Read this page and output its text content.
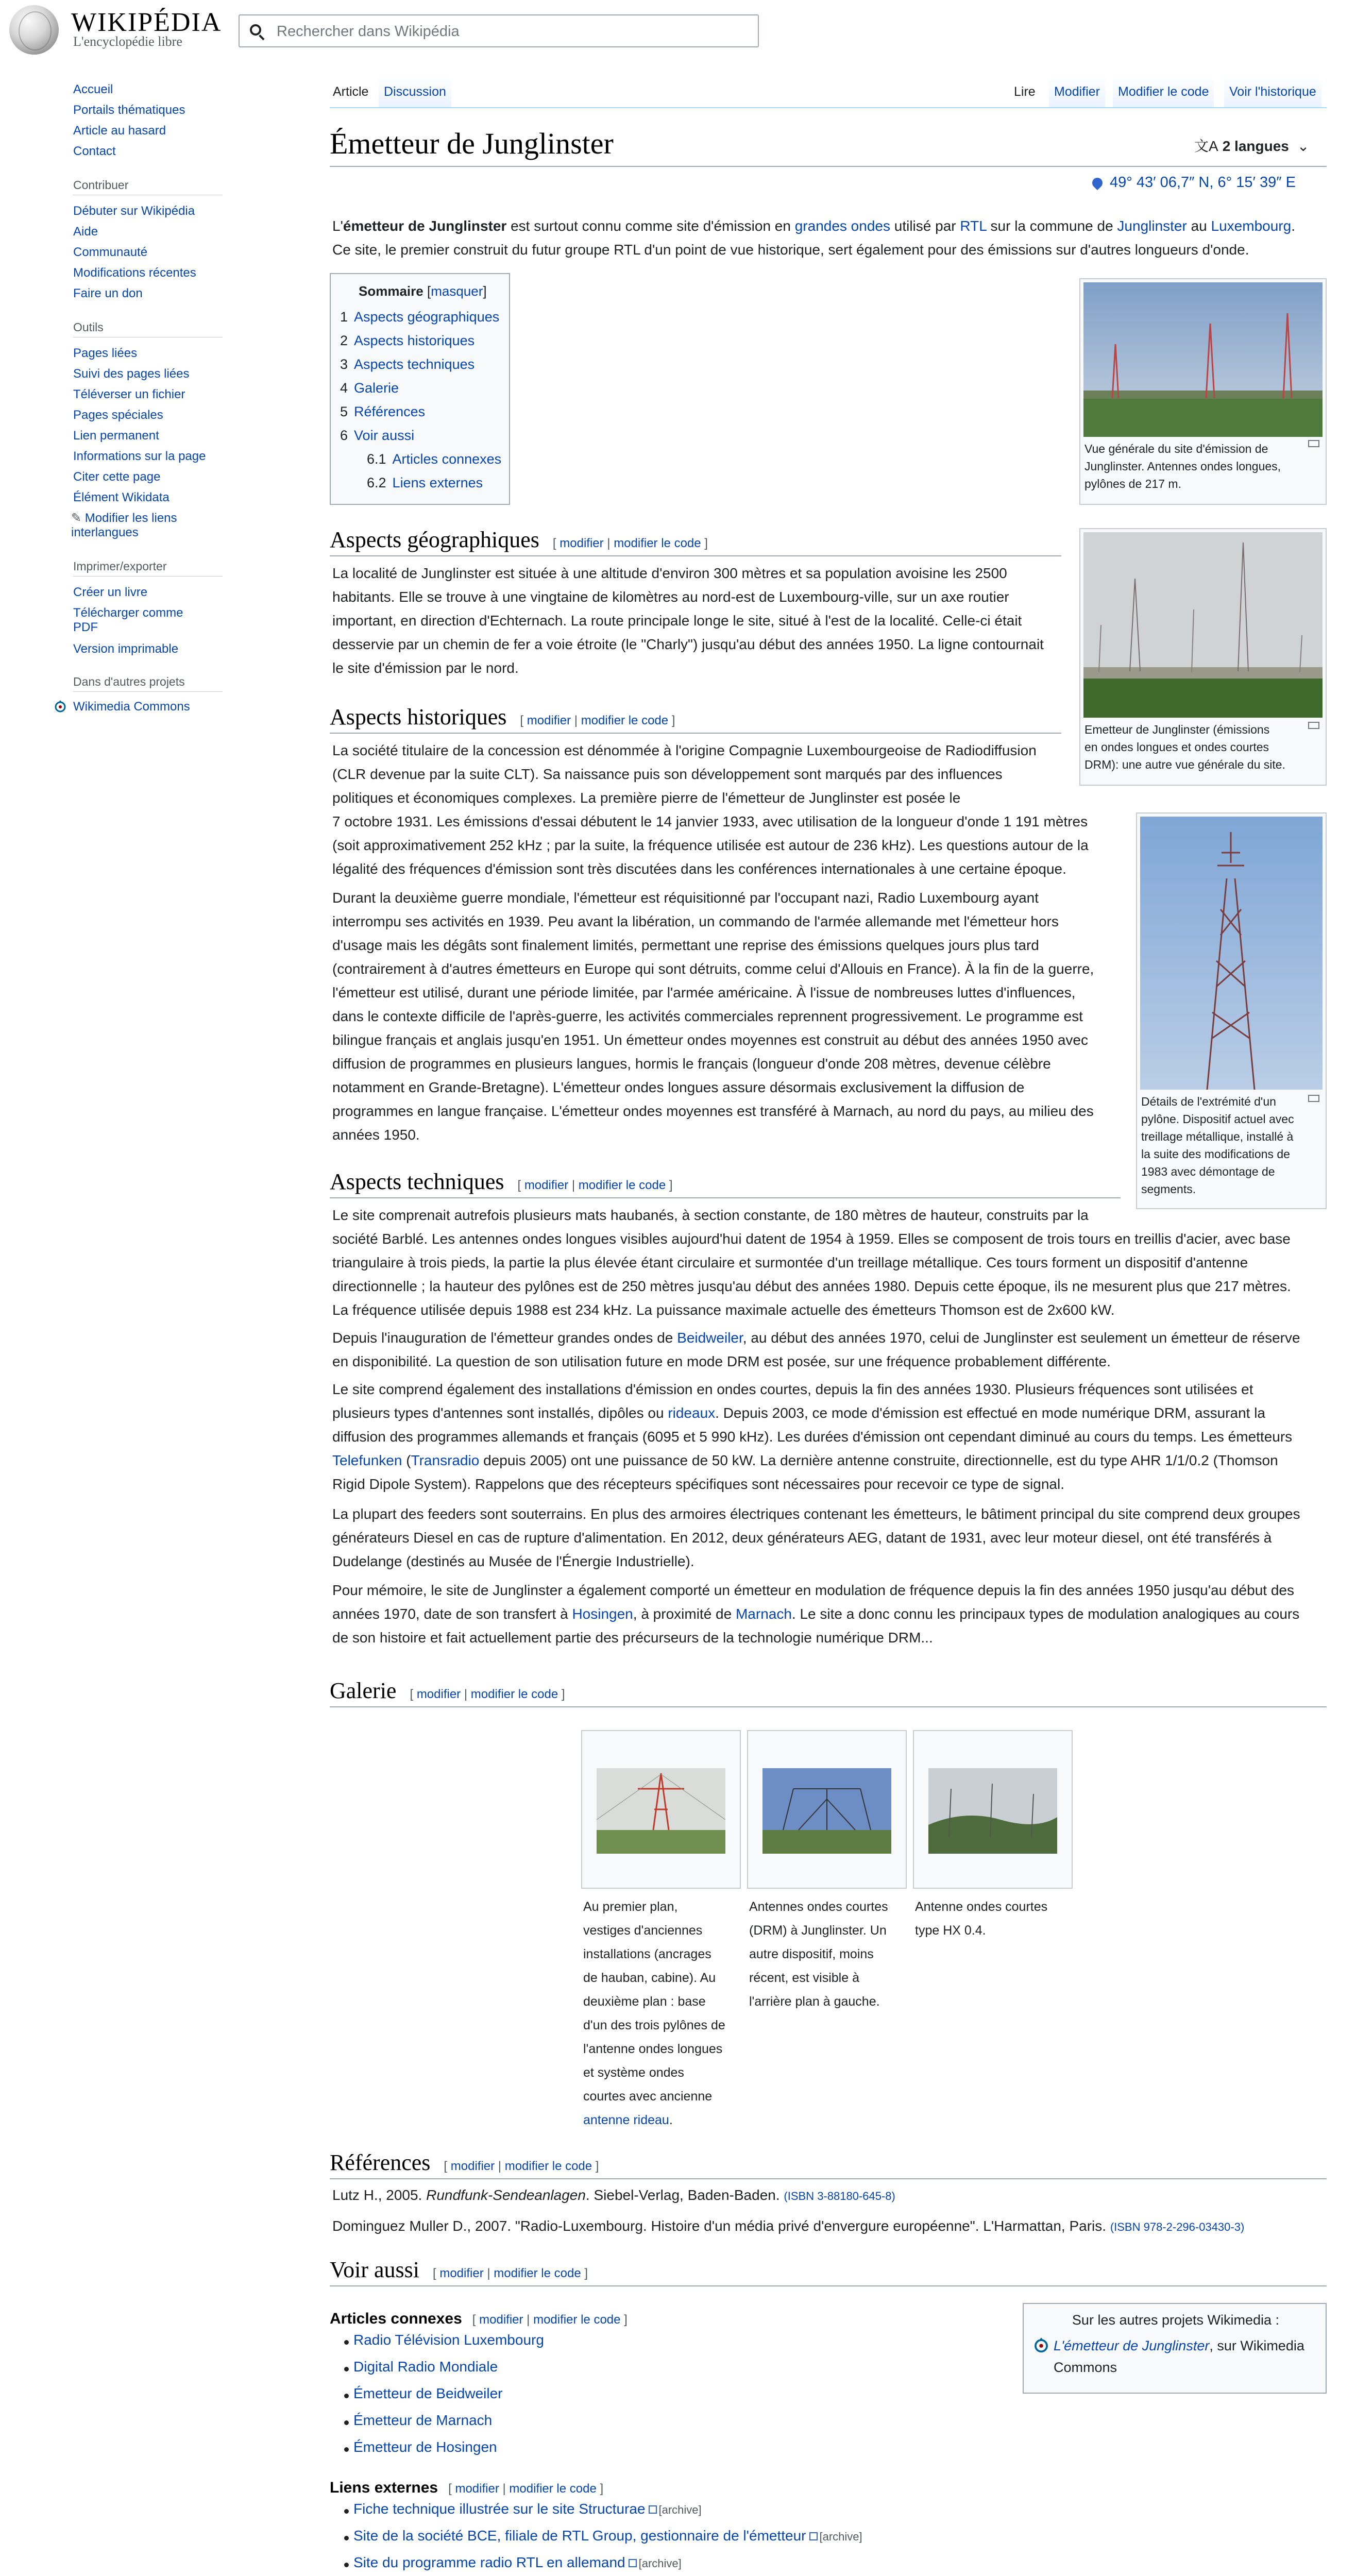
WIKIPÉDIA
L'encyclopédie libre
Rechercher dans Wikipédia
Accueil
Portails thématiques
Article au hasard
Contact
Contribuer
Débuter sur Wikipédia
Aide
Communauté
Modifications récentes
Faire un don
Outils
Pages liées
Suivi des pages liées
Téléverser un fichier
Pages spéciales
Lien permanent
Informations sur la page
Citer cette page
Élément Wikidata
✎ Modifier les liens interlangues
Imprimer/exporter
Créer un livre
Télécharger comme PDF
Version imprimable
Dans d'autres projets
Wikimedia Commons
Article	Discussion	Lire	Modifier	Modifier le code	Voir l'historique
Émetteur de Junglinster	文A 2 langues ⌄
49° 43′ 06,7″ N, 6° 15′ 39″ E
L'émetteur de Junglinster est surtout connu comme site d'émission en grandes ondes utilisé par RTL sur la commune de Junglinster au Luxembourg.
Ce site, le premier construit du futur groupe RTL d'un point de vue historique, sert également pour des émissions sur d'autres longueurs d'onde.
Sommaire [masquer]
1 Aspects géographiques
2 Aspects historiques
3 Aspects techniques
4 Galerie
5 Références
6 Voir aussi
6.1 Articles connexes
6.2 Liens externes
Vue générale du site d'émission de
Junglinster. Antennes ondes longues,
pylônes de 217 m.
Emetteur de Junglinster (émissions
en ondes longues et ondes courtes
DRM): une autre vue générale du site.
Détails de l'extrémité d'un
pylône. Dispositif actuel avec
treillage métallique, installé à
la suite des modifications de
1983 avec démontage de
segments.
Aspects géographiques [ modifier | modifier le code ]
La localité de Junglinster est située à une altitude d'environ 300 mètres et sa population avoisine les 2500
habitants. Elle se trouve à une vingtaine de kilomètres au nord-est de Luxembourg-ville, sur un axe routier
important, en direction d'Echternach. La route principale longe le site, situé à l'est de la localité. Celle-ci était
desservie par un chemin de fer a voie étroite (le "Charly") jusqu'au début des années 1950. La ligne contournait
le site d'émission par le nord.
Aspects historiques [ modifier | modifier le code ]
La société titulaire de la concession est dénommée à l'origine Compagnie Luxembourgeoise de Radiodiffusion
(CLR devenue par la suite CLT). Sa naissance puis son développement sont marqués par des influences
politiques et économiques complexes. La première pierre de l'émetteur de Junglinster est posée le
7 octobre 1931. Les émissions d'essai débutent le 14 janvier 1933, avec utilisation de la longueur d'onde 1 191 mètres
(soit approximativement 252 kHz ; par la suite, la fréquence utilisée est autour de 236 kHz). Les questions autour de la
légalité des fréquences d'émission sont très discutées dans les conférences internationales à une certaine époque.
Durant la deuxième guerre mondiale, l'émetteur est réquisitionné par l'occupant nazi, Radio Luxembourg ayant
interrompu ses activités en 1939. Peu avant la libération, un commando de l'armée allemande met l'émetteur hors
d'usage mais les dégâts sont finalement limités, permettant une reprise des émissions quelques jours plus tard
(contrairement à d'autres émetteurs en Europe qui sont détruits, comme celui d'Allouis en France). À la fin de la guerre,
l'émetteur est utilisé, durant une période limitée, par l'armée américaine. À l'issue de nombreuses luttes d'influences,
dans le contexte difficile de l'après-guerre, les activités commerciales reprennent progressivement. Le programme est
bilingue français et anglais jusqu'en 1951. Un émetteur ondes moyennes est construit au début des années 1950 avec
diffusion de programmes en plusieurs langues, hormis le français (longueur d'onde 208 mètres, devenue célèbre
notamment en Grande-Bretagne). L'émetteur ondes longues assure désormais exclusivement la diffusion de
programmes en langue française. L'émetteur ondes moyennes est transféré à Marnach, au nord du pays, au milieu des
années 1950.
Aspects techniques [ modifier | modifier le code ]
Le site comprenait autrefois plusieurs mats haubanés, à section constante, de 180 mètres de hauteur, construits par la
société Barblé. Les antennes ondes longues visibles aujourd'hui datent de 1954 à 1959. Elles se composent de trois tours en treillis d'acier, avec base
triangulaire à trois pieds, la partie la plus élevée étant circulaire et surmontée d'un treillage métallique. Ces tours forment un dispositif d'antenne
directionnelle ; la hauteur des pylônes est de 250 mètres jusqu'au début des années 1980. Depuis cette époque, ils ne mesurent plus que 217 mètres.
La fréquence utilisée depuis 1988 est 234 kHz. La puissance maximale actuelle des émetteurs Thomson est de 2x600 kW.
Depuis l'inauguration de l'émetteur grandes ondes de Beidweiler, au début des années 1970, celui de Junglinster est seulement un émetteur de réserve
en disponibilité. La question de son utilisation future en mode DRM est posée, sur une fréquence probablement différente.
Le site comprend également des installations d'émission en ondes courtes, depuis la fin des années 1930. Plusieurs fréquences sont utilisées et
plusieurs types d'antennes sont installés, dipôles ou rideaux. Depuis 2003, ce mode d'émission est effectué en mode numérique DRM, assurant la
diffusion des programmes allemands et français (6095 et 5 990 kHz). Les durées d'émission ont cependant diminué au cours du temps. Les émetteurs
Telefunken (Transradio depuis 2005) ont une puissance de 50 kW. La dernière antenne construite, directionnelle, est du type AHR 1/1/0.2 (Thomson
Rigid Dipole System). Rappelons que des récepteurs spécifiques sont nécessaires pour recevoir ce type de signal.
La plupart des feeders sont souterrains. En plus des armoires électriques contenant les émetteurs, le bâtiment principal du site comprend deux groupes
générateurs Diesel en cas de rupture d'alimentation. En 2012, deux générateurs AEG, datant de 1931, avec leur moteur diesel, ont été transférés à
Dudelange (destinés au Musée de l'Énergie Industrielle).
Pour mémoire, le site de Junglinster a également comporté un émetteur en modulation de fréquence depuis la fin des années 1950 jusqu'au début des
années 1970, date de son transfert à Hosingen, à proximité de Marnach. Le site a donc connu les principaux types de modulation analogiques au cours
de son histoire et fait actuellement partie des précurseurs de la technologie numérique DRM...
Galerie [ modifier | modifier le code ]
Au premier plan,
vestiges d'anciennes
installations (ancrages
de hauban, cabine). Au
deuxième plan : base
d'un des trois pylônes de
l'antenne ondes longues
et système ondes
courtes avec ancienne
antenne rideau.
Antennes ondes courtes
(DRM) à Junglinster. Un
autre dispositif, moins
récent, est visible à
l'arrière plan à gauche.
Antenne ondes courtes
type HX 0.4.
Références [ modifier | modifier le code ]
Lutz H., 2005. Rundfunk-Sendeanlagen. Siebel-Verlag, Baden-Baden. (ISBN 3-88180-645-8)
Dominguez Muller D., 2007. "Radio-Luxembourg. Histoire d'un média privé d'envergure européenne". L'Harmattan, Paris. (ISBN 978-2-296-03430-3)
Voir aussi [ modifier | modifier le code ]
Sur les autres projets Wikimedia :
L'émetteur de Junglinster, sur Wikimedia
Commons
Articles connexes [ modifier | modifier le code ]
Radio Télévision Luxembourg
Digital Radio Mondiale
Émetteur de Beidweiler
Émetteur de Marnach
Émetteur de Hosingen
Liens externes [ modifier | modifier le code ]
Fiche technique illustrée sur le site Structurae [archive]
Site de la société BCE, filiale de RTL Group, gestionnaire de l'émetteur [archive]
Site du programme radio RTL en allemand [archive]
